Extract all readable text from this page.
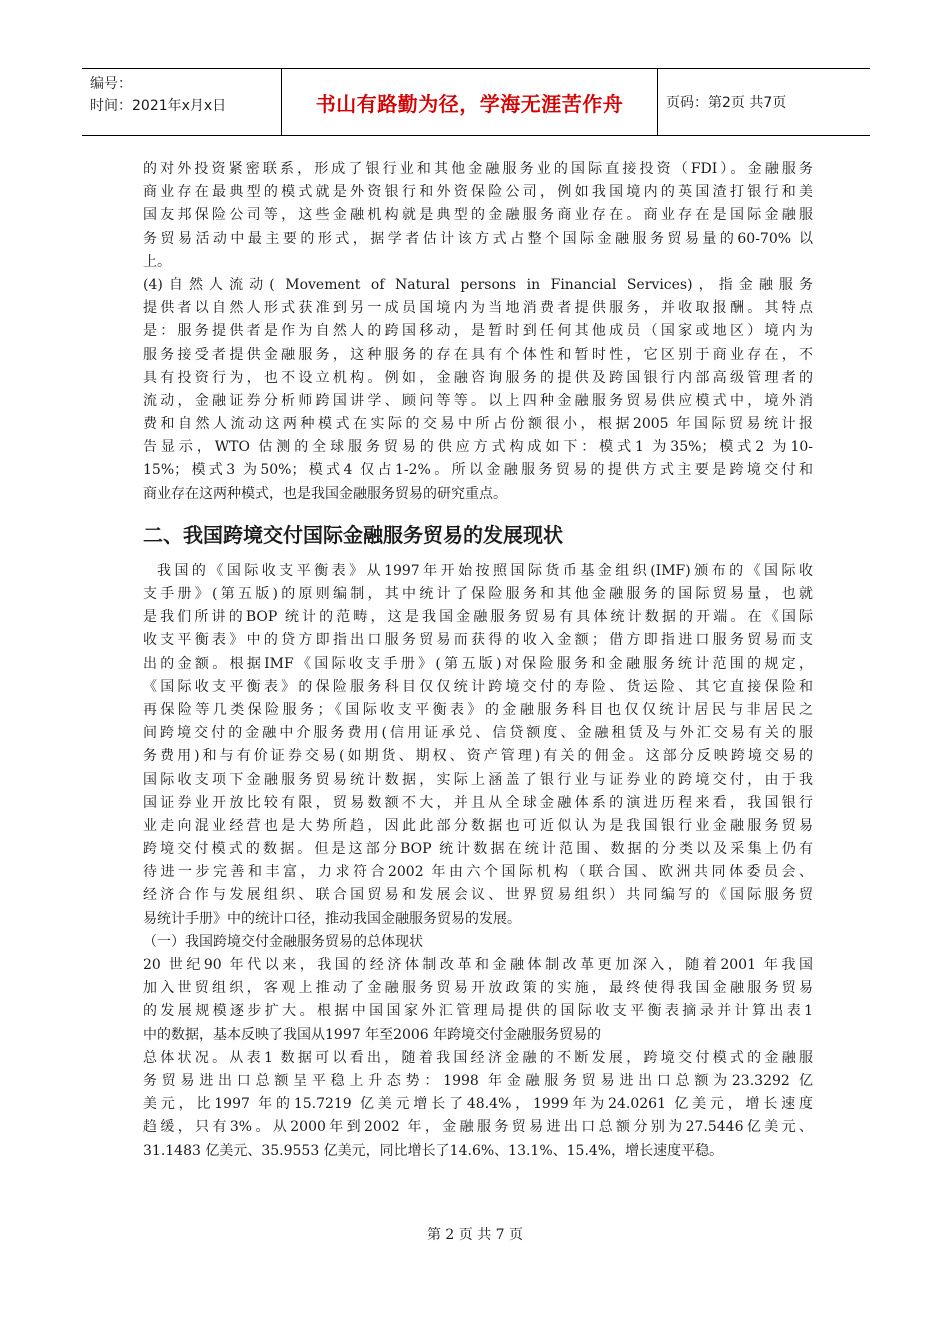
编号：
时间：2021年x月x日	书山有路勤为径，学海无涯苦作舟	页码：第2页 共7页
的对外投资紧密联系，形成了银行业和其他金融服务业的国际直接投资（FDI）。金融服务
商业存在最典型的模式就是外资银行和外资保险公司，例如我国境内的英国渣打银行和美
国友邦保险公司等，这些金融机构就是典型的金融服务商业存在。商业存在是国际金融服
务贸易活动中最主要的形式，据学者估计该方式占整个国际金融服务贸易量的60-70% 以
上。
(4)自然人流动( Movement of Natural persons in Financial Services)，指金融服务
提供者以自然人形式获准到另一成员国境内为当地消费者提供服务，并收取报酬。其特点
是：服务提供者是作为自然人的跨国移动，是暂时到任何其他成员（国家或地区）境内为
服务接受者提供金融服务，这种服务的存在具有个体性和暂时性，它区别于商业存在，不
具有投资行为，也不设立机构。例如，金融咨询服务的提供及跨国银行内部高级管理者的
流动，金融证券分析师跨国讲学、顾问等等。以上四种金融服务贸易供应模式中，境外消
费和自然人流动这两种模式在实际的交易中所占份额很小，根据2005 年国际贸易统计报
告显示，WTO 估测的全球服务贸易的供应方式构成如下：模式1 为35%；模式2 为10-
15%；模式3 为50%；模式4 仅占1-2%。所以金融服务贸易的提供方式主要是跨境交付和
商业存在这两种模式，也是我国金融服务贸易的研究重点。
二、我国跨境交付国际金融服务贸易的发展现状
我国的《国际收支平衡表》从1997年开始按照国际货币基金组织(IMF)颁布的《国际收
支手册》(第五版)的原则编制，其中统计了保险服务和其他金融服务的国际贸易量，也就
是我们所讲的BOP 统计的范畴，这是我国金融服务贸易有具体统计数据的开端。在《国际
收支平衡表》中的贷方即指出口服务贸易而获得的收入金额；借方即指进口服务贸易而支
出的金额。根据IMF《国际收支手册》(第五版)对保险服务和金融服务统计范围的规定，
《国际收支平衡表》的保险服务科目仅仅统计跨境交付的寿险、货运险、其它直接保险和
再保险等几类保险服务；《国际收支平衡表》的金融服务科目也仅仅统计居民与非居民之
间跨境交付的金融中介服务费用(信用证承兑、信贷额度、金融租赁及与外汇交易有关的服
务费用)和与有价证券交易(如期货、期权、资产管理)有关的佣金。这部分反映跨境交易的
国际收支项下金融服务贸易统计数据，实际上涵盖了银行业与证券业的跨境交付，由于我
国证券业开放比较有限，贸易数额不大，并且从全球金融体系的演进历程来看，我国银行
业走向混业经营也是大势所趋，因此此部分数据也可近似认为是我国银行业金融服务贸易
跨境交付模式的数据。但是这部分BOP 统计数据在统计范围、数据的分类以及采集上仍有
待进一步完善和丰富，力求符合2002 年由六个国际机构（联合国、欧洲共同体委员会、
经济合作与发展组织、联合国贸易和发展会议、世界贸易组织）共同编写的《国际服务贸
易统计手册》中的统计口径，推动我国金融服务贸易的发展。
（一）我国跨境交付金融服务贸易的总体现状
20 世纪90 年代以来，我国的经济体制改革和金融体制改革更加深入，随着2001 年我国
加入世贸组织，客观上推动了金融服务贸易开放政策的实施，最终使得我国金融服务贸易
的发展规模逐步扩大。根据中国国家外汇管理局提供的国际收支平衡表摘录并计算出表1
中的数据，基本反映了我国从1997 年至2006 年跨境交付金融服务贸易的
总体状况。从表1 数据可以看出，随着我国经济金融的不断发展，跨境交付模式的金融服
务贸易进出口总额呈平稳上升态势：1998 年金融服务贸易进出口总额为23.3292 亿
美元，比1997 年的15.7219 亿美元增长了48.4%，1999年为24.0261 亿美元，增长速度
趋缓，只有3%。从2000年到2002 年，金融服务贸易进出口总额分别为27.5446亿美元、
31.1483 亿美元、35.9553 亿美元，同比增长了14.6%、13.1%、15.4%，增长速度平稳。
第 2 页 共 7 页
